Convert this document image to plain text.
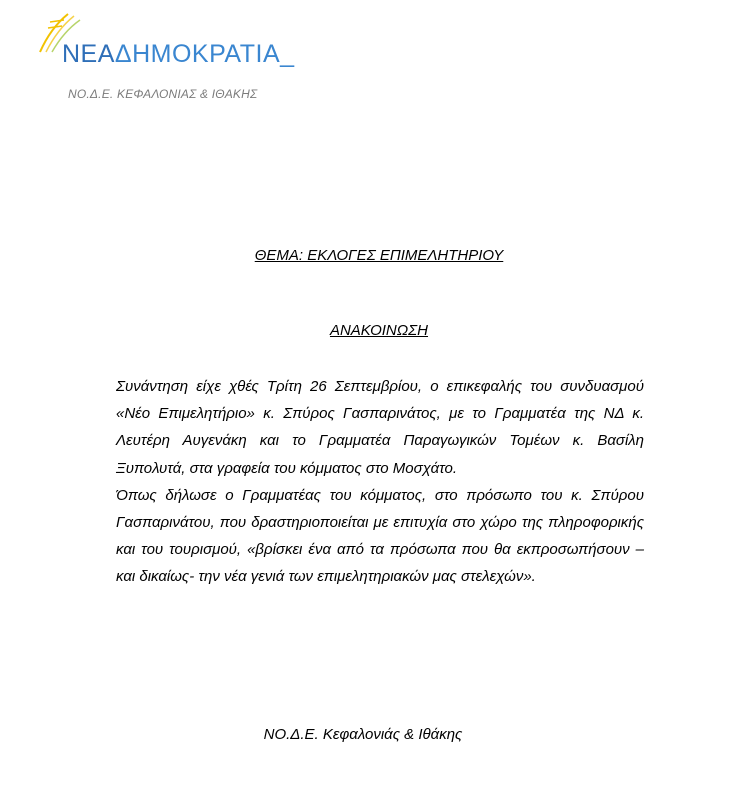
ΝΕΑΔΗΜΟΚΡΑΤΙΑ_
ΝΟ.Δ.Ε. ΚΕΦΑΛΟΝΙΑΣ & ΙΘΑΚΗΣ
ΘΕΜΑ: ΕΚΛΟΓΕΣ ΕΠΙΜΕΛΗΤΗΡΙΟΥ
ΑΝΑΚΟΙΝΩΣΗ

Συνάντηση είχε χθές Τρίτη 26 Σεπτεμβρίου, ο επικεφαλής του συνδυασμού «Νέο Επιμελητήριο» κ. Σπύρος Γασπαρινάτος, με το Γραμματέα της ΝΔ κ. Λευτέρη Αυγενάκη και το Γραμματέα Παραγωγικών Τομέων κ. Βασίλη Ξυπολυτά, στα γραφεία του κόμματος στο Μοσχάτο.

Όπως δήλωσε ο Γραμματέας του κόμματος, στο πρόσωπο του κ. Σπύρου Γασπαρινάτου, που δραστηριοποιείται με επιτυχία στο χώρο της πληροφορικής και του τουρισμού, «βρίσκει ένα από τα πρόσωπα που θα εκπροσωπήσουν – και δικαίως- την νέα γενιά των επιμελητηριακών μας στελεχών».

ΝΟ.Δ.Ε. Κεφαλονιάς & Ιθάκης
